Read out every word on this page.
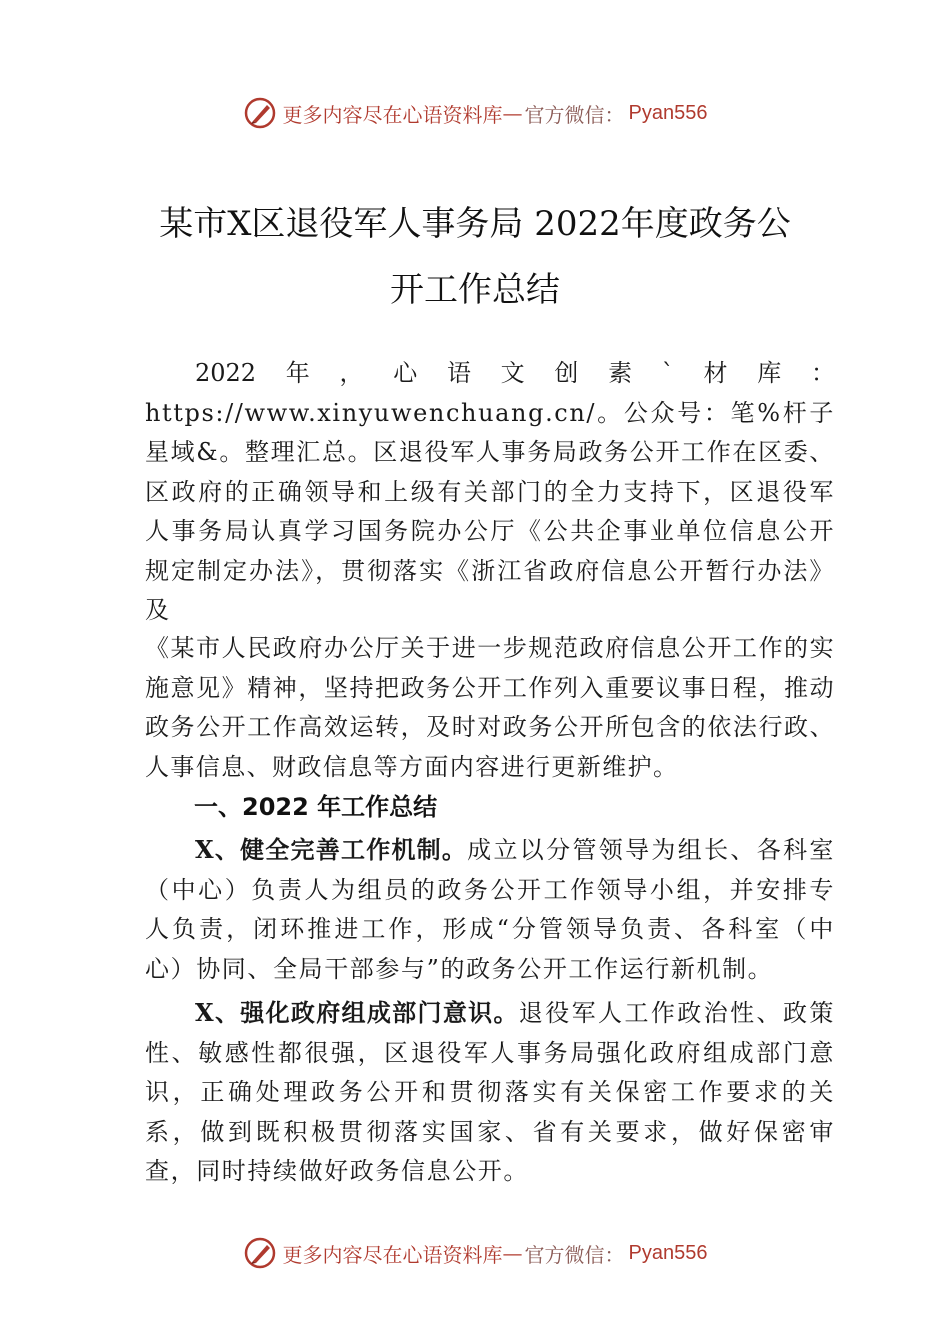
更多内容尽在心语资料库 — 官方微信： Pyan556
某市X区退役军人事务局 2022年度政务公
开工作总结
2022 年 ， 心 语 文 创 素 ` 材 库 ：
https://www.xinyuwenchuang.cn/。公众号：笔%杆子星域&。整理汇总。区退役军人事务局政务公开工作在区委、区政府的正确领导和上级有关部门的全力支持下，区退役军人事务局认真学习国务院办公厅《公共企事业单位信息公开规定制定办法》，贯彻落实《浙江省政府信息公开暂行办法》及
《某市人民政府办公厅关于进一步规范政府信息公开工作的实施意见》精神，坚持把政务公开工作列入重要议事日程，推动政务公开工作高效运转，及时对政务公开所包含的依法行政、人事信息、财政信息等方面内容进行更新维护。
一、2022 年工作总结
X、健全完善工作机制。成立以分管领导为组长、各科室（中心）负责人为组员的政务公开工作领导小组，并安排专人负责，闭环推进工作，形成“分管领导负责、各科室（中心）协同、全局干部参与”的政务公开工作运行新机制。
X、强化政府组成部门意识。退役军人工作政治性、政策性、敏感性都很强，区退役军人事务局强化政府组成部门意识，正确处理政务公开和贯彻落实有关保密工作要求的关系，做到既积极贯彻落实国家、省有关要求，做好保密审查，同时持续做好政务信息公开。
更多内容尽在心语资料库 — 官方微信： Pyan556
